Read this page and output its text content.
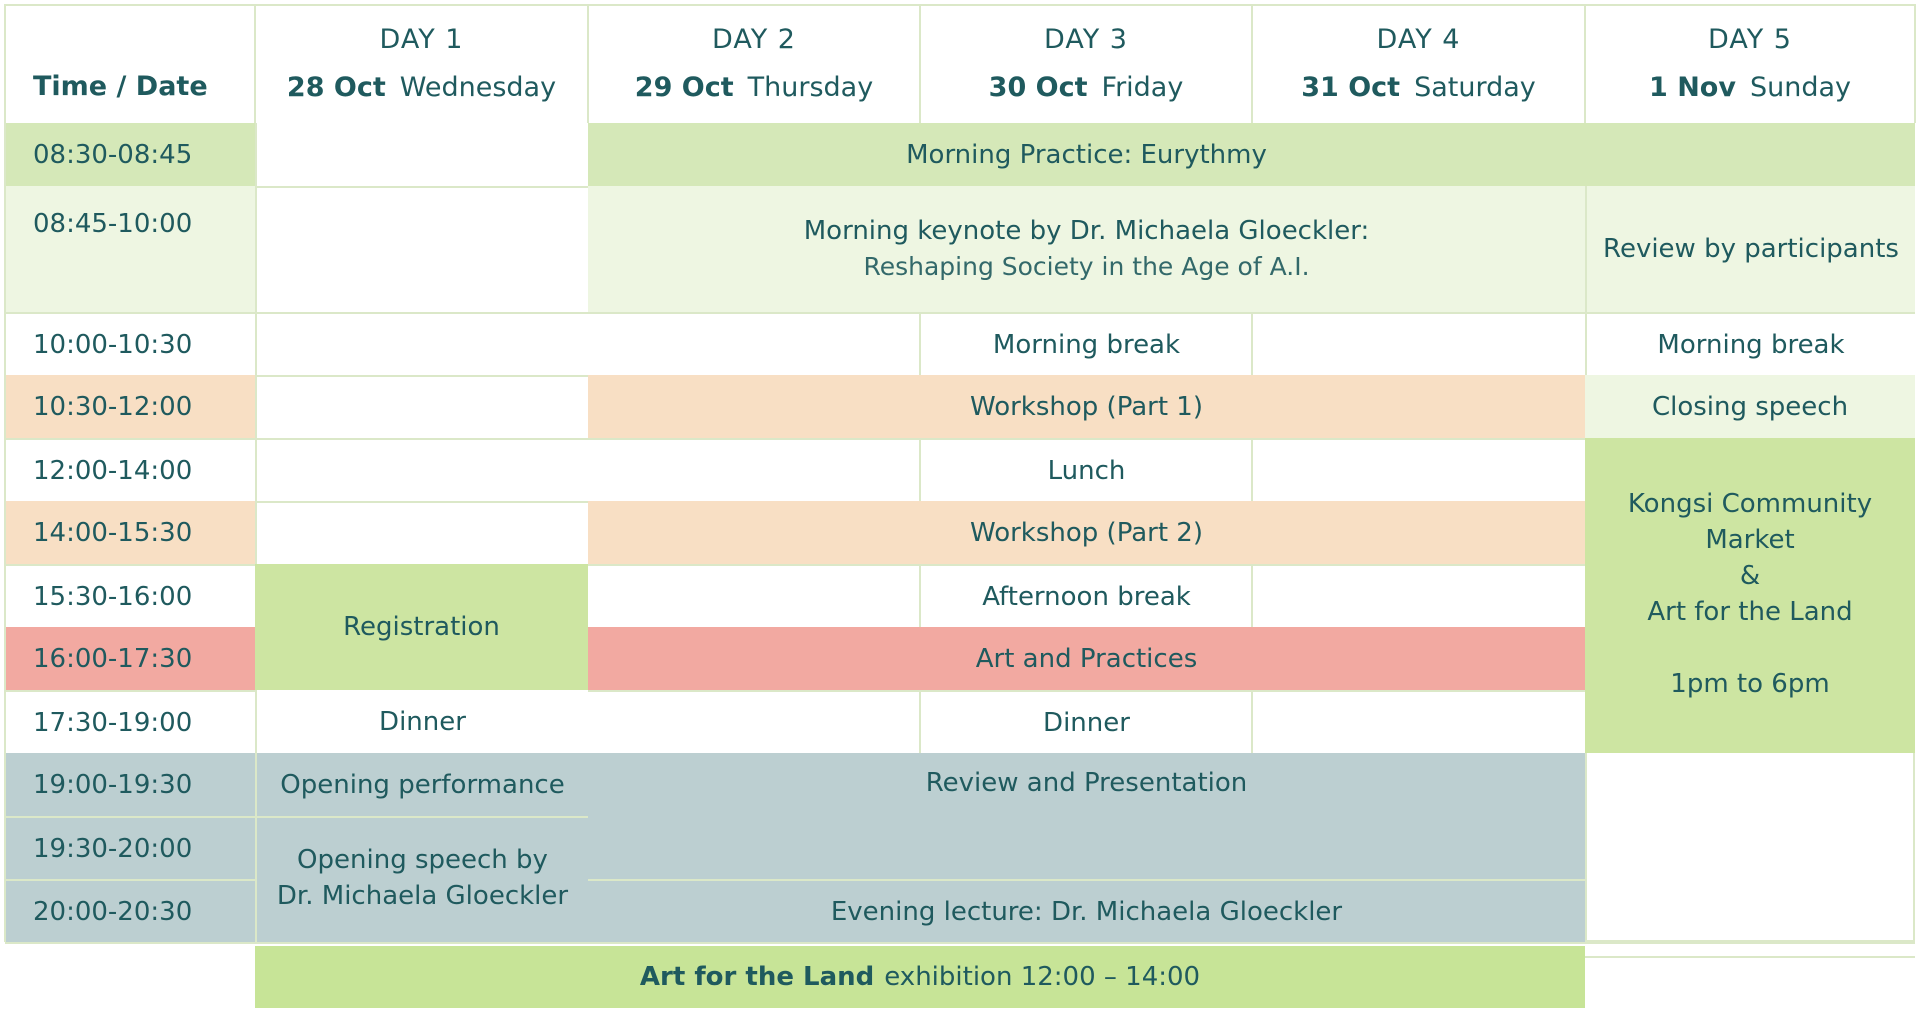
Time / Date
DAY 1
28 Oct Wednesday
DAY 2
29 Oct Thursday
DAY 3
30 Oct Friday
DAY 4
31 Oct Saturday
DAY 5
1 Nov Sunday
08:30-08:45
08:45-10:00
10:00-10:30
10:30-12:00
12:00-14:00
14:00-15:30
15:30-16:00
16:00-17:30
17:30-19:00
19:00-19:30
19:30-20:00
20:00-20:30
Registration
Dinner
Opening performance
Opening speech by
Dr. Michaela Gloeckler
Morning Practice: Eurythmy
Morning keynote by Dr. Michaela Gloeckler:
Reshaping Society in the Age of A.I.
Morning break
Workshop (Part 1)
Lunch
Workshop (Part 2)
Afternoon break
Art and Practices
Dinner
Review and Presentation
Evening lecture: Dr. Michaela Gloeckler
Review by participants
Morning break
Closing speech
Kongsi Community
Market
&
Art for the Land
1pm to 6pm
Art for the Land exhibition 12:00 – 14:00
